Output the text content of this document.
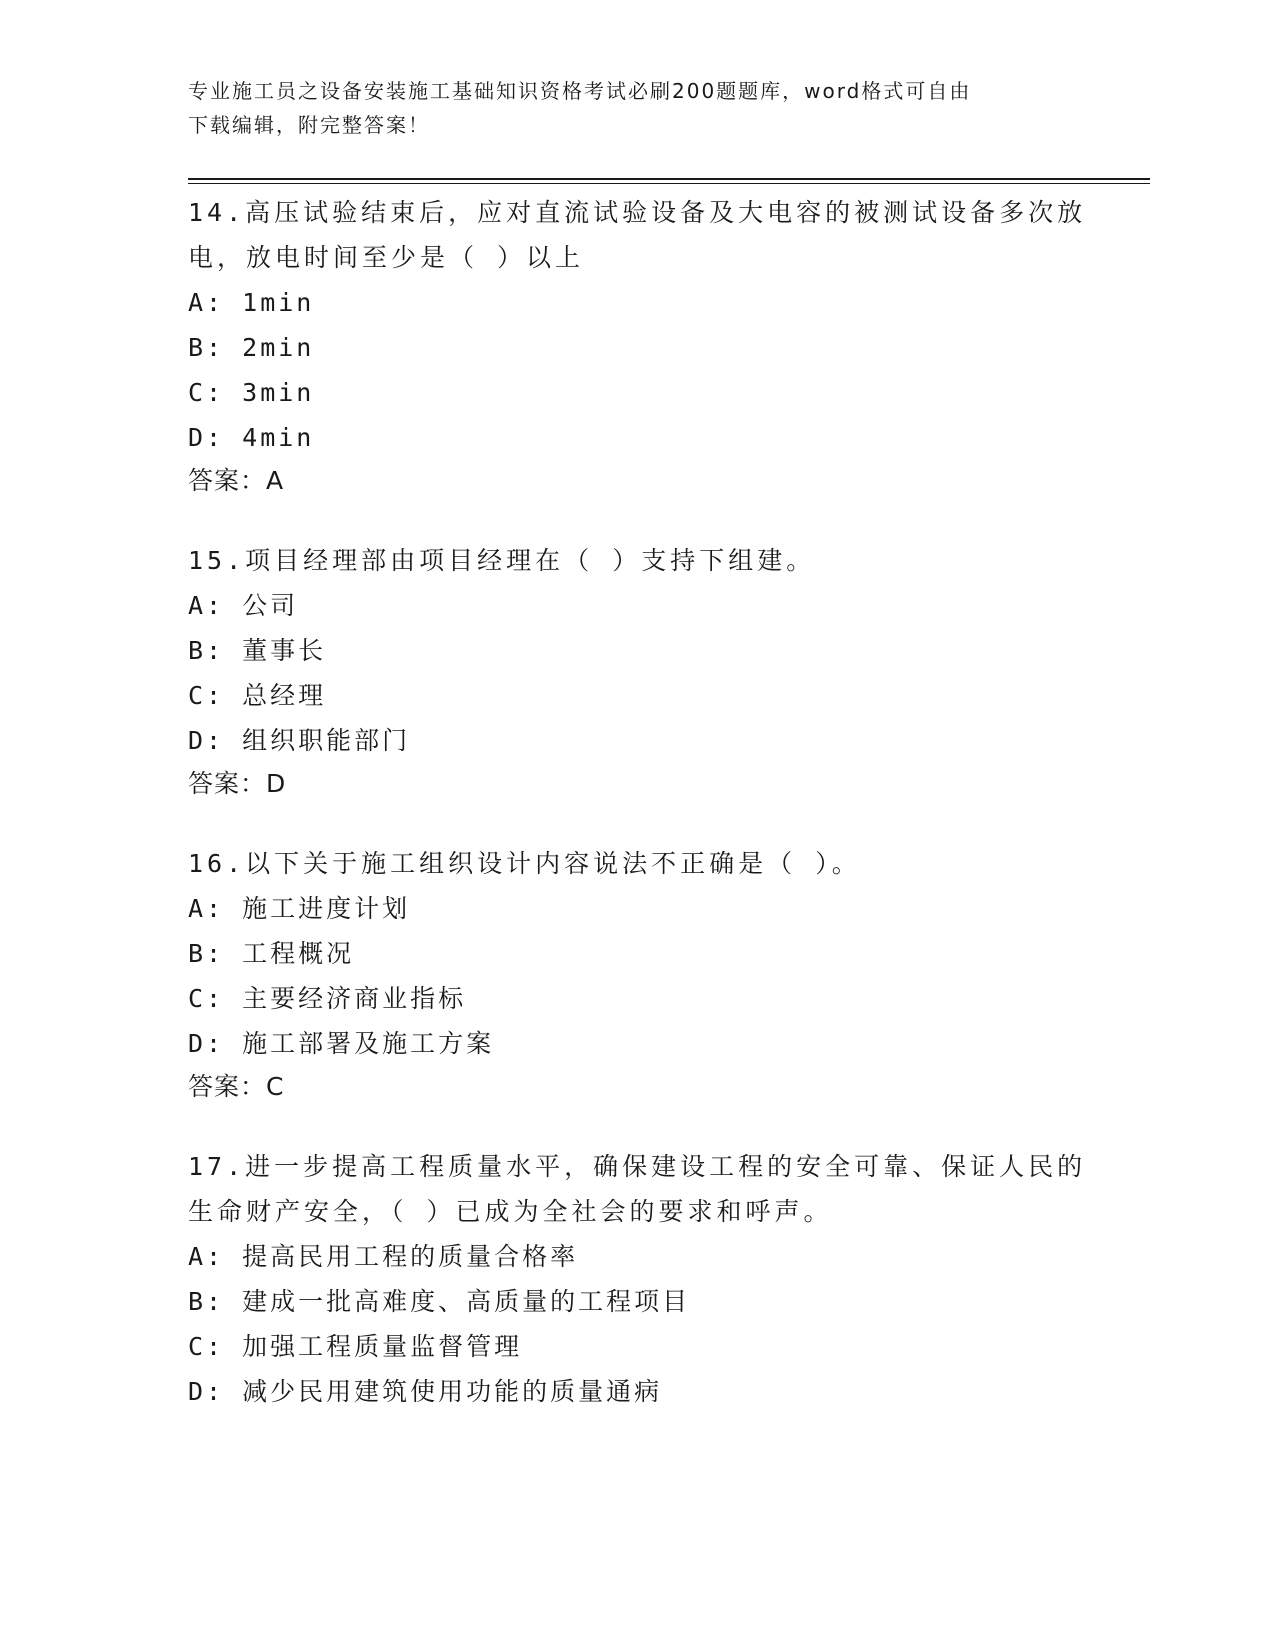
专业施工员之设备安装施工基础知识资格考试必刷200题题库，word格式可自由
下载编辑，附完整答案！

14.高压试验结束后，应对直流试验设备及大电容的被测试设备多次放

电，放电时间至少是（ ）以上

A: 1min

B: 2min

C: 3min

D: 4min

答案：A

15.项目经理部由项目经理在（ ）支持下组建。

A: 公司

B: 董事长

C: 总经理

D: 组织职能部门

答案：D

16.以下关于施工组织设计内容说法不正确是（ ）。

A: 施工进度计划

B: 工程概况

C: 主要经济商业指标

D: 施工部署及施工方案

答案：C

17.进一步提高工程质量水平，确保建设工程的安全可靠、保证人民的

生命财产安全，（ ）已成为全社会的要求和呼声。

A: 提高民用工程的质量合格率

B: 建成一批高难度、高质量的工程项目

C: 加强工程质量监督管理

D: 减少民用建筑使用功能的质量通病
